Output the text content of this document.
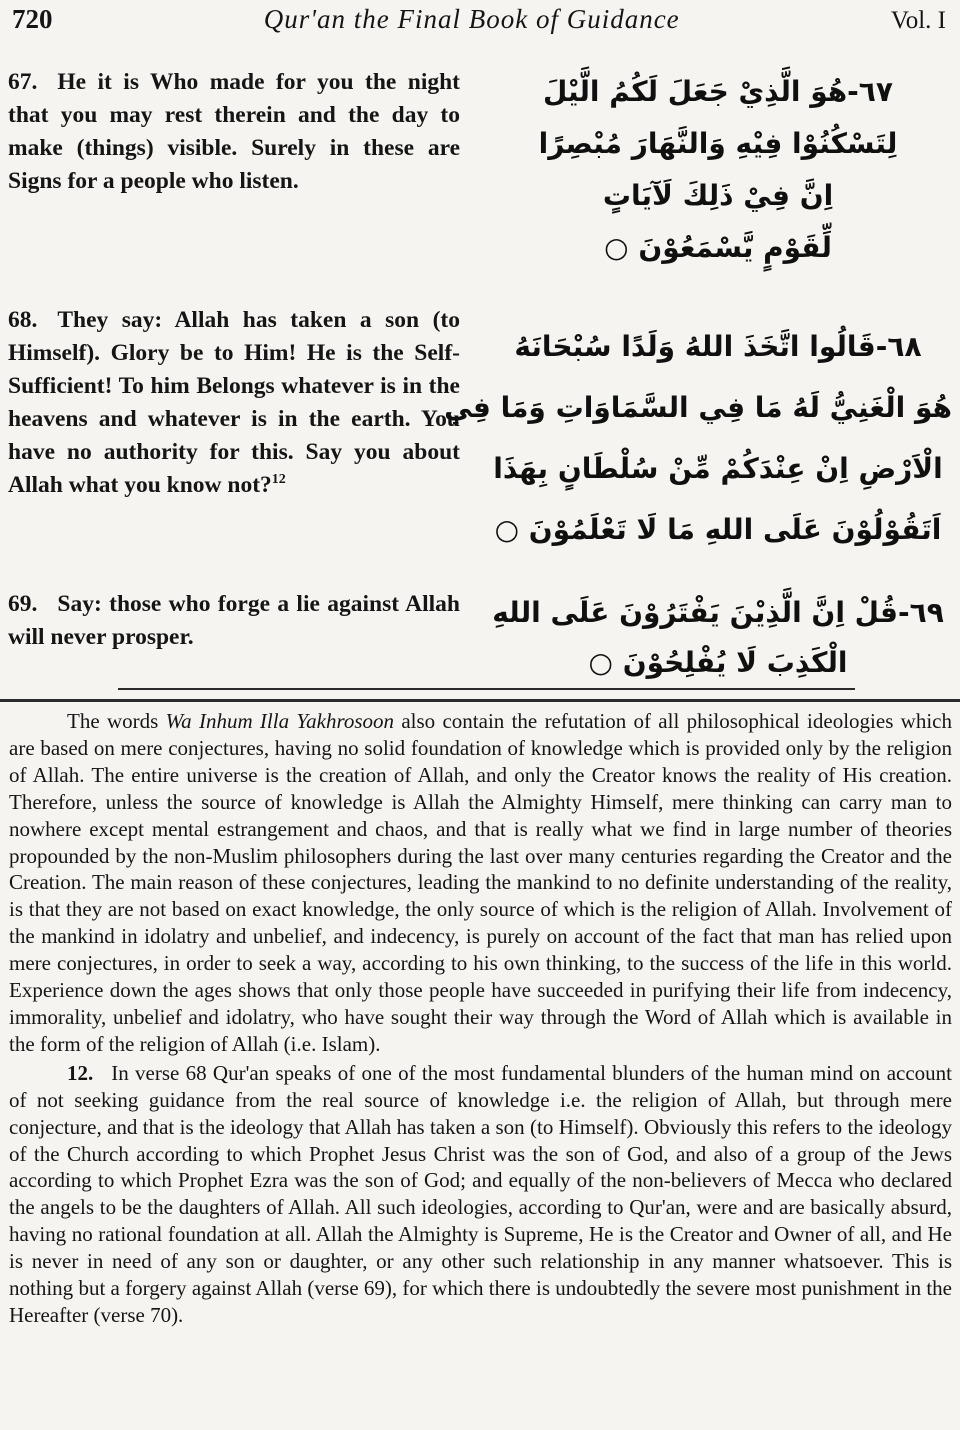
720	Qur'an the Final Book of Guidance	Vol. I
67. He it is Who made for you the night that you may rest therein and the day to make (things) visible. Surely in these are Signs for a people who listen.
٦٧-هُوَ الَّذِيْ جَعَلَ لَكُمُ الَّيْلَ
لِتَسْكُنُوْا فِيْهِ وَالنَّهَارَ مُبْصِرًا
اِنَّ فِيْ ذَلِكَ لَآيَاتٍ
لِّقَوْمٍ يَّسْمَعُوْنَ ○
68. They say: Allah has taken a son (to Himself). Glory be to Him! He is the Self-Sufficient! To him Belongs whatever is in the heavens and whatever is in the earth. You have no authority for this. Say you about Allah what you know not?$^{12}$
٦٨-قَالُوا اتَّخَذَ اللهُ وَلَدًا سُبْحَانَهُ
هُوَ الْغَنِيُّ لَهُ مَا فِي السَّمَاوَاتِ وَمَا فِي
الْاَرْضِ اِنْ عِنْدَكُمْ مِّنْ سُلْطَانٍ بِهَذَا
اَتَقُوْلُوْنَ عَلَى اللهِ مَا لَا تَعْلَمُوْنَ ○
69. Say: those who forge a lie against Allah will never prosper.
٦٩-قُلْ اِنَّ الَّذِيْنَ يَفْتَرُوْنَ عَلَى اللهِ
الْكَذِبَ لَا يُفْلِحُوْنَ ○

The words Wa Inhum Illa Yakhrosoon also contain the refutation of all philosophical ideologies which are based on mere conjectures, having no solid foundation of knowledge which is provided only by the religion of Allah. The entire universe is the creation of Allah, and only the Creator knows the reality of His creation. Therefore, unless the source of knowledge is Allah the Almighty Himself, mere thinking can carry man to nowhere except mental estrangement and chaos, and that is really what we find in large number of theories propounded by the non-Muslim philosophers during the last over many centuries regarding the Creator and the Creation. The main reason of these conjectures, leading the mankind to no definite understanding of the reality, is that they are not based on exact knowledge, the only source of which is the religion of Allah. Involvement of the mankind in idolatry and unbelief, and indecency, is purely on account of the fact that man has relied upon mere conjectures, in order to seek a way, according to his own thinking, to the success of the life in this world. Experience down the ages shows that only those people have succeeded in purifying their life from indecency, immorality, unbelief and idolatry, who have sought their way through the Word of Allah which is available in the form of the religion of Allah (i.e. Islam).

12. In verse 68 Qur'an speaks of one of the most fundamental blunders of the human mind on account of not seeking guidance from the real source of knowledge i.e. the religion of Allah, but through mere conjecture, and that is the ideology that Allah has taken a son (to Himself). Obviously this refers to the ideology of the Church according to which Prophet Jesus Christ was the son of God, and also of a group of the Jews according to which Prophet Ezra was the son of God; and equally of the non-believers of Mecca who declared the angels to be the daughters of Allah. All such ideologies, according to Qur'an, were and are basically absurd, having no rational foundation at all. Allah the Almighty is Supreme, He is the Creator and Owner of all, and He is never in need of any son or daughter, or any other such relationship in any manner whatsoever. This is nothing but a forgery against Allah (verse 69), for which there is undoubtedly the severe most punishment in the Hereafter (verse 70).
